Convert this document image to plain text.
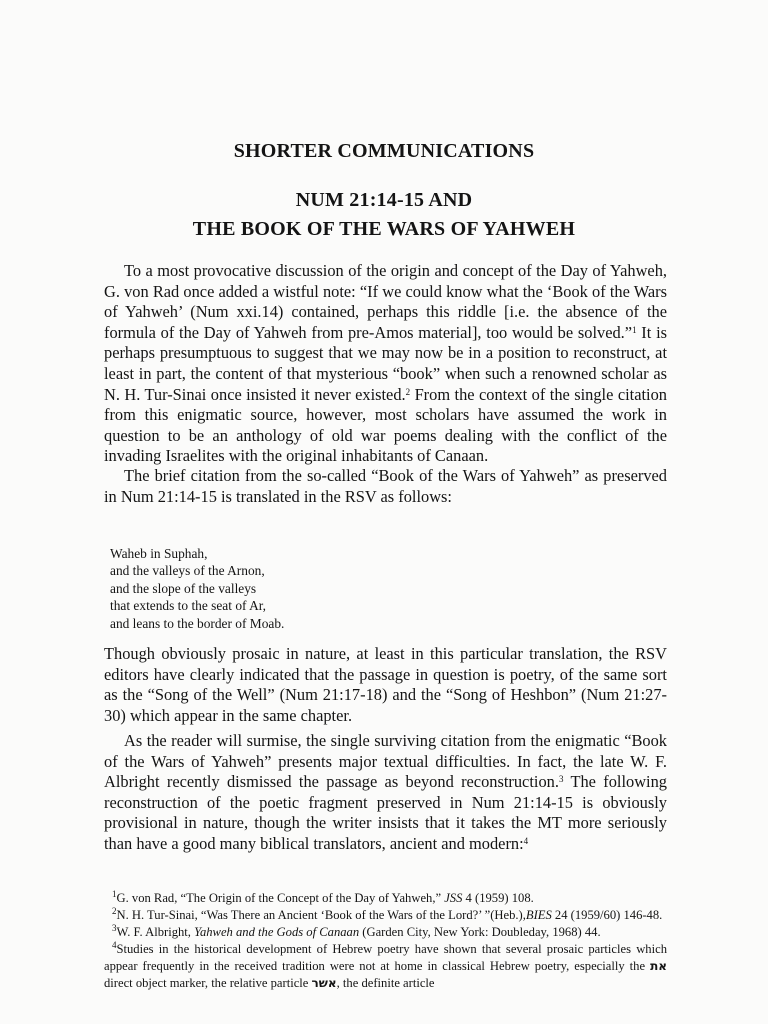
SHORTER COMMUNICATIONS
NUM 21:14-15 AND
THE BOOK OF THE WARS OF YAHWEH

To a most provocative discussion of the origin and concept of the Day of Yahweh, G. von Rad once added a wistful note: “If we could know what the ‘Book of the Wars of Yahweh’ (Num xxi.14) contained, perhaps this riddle [i.e. the absence of the formula of the Day of Yahweh from pre-Amos material], too would be solved.”$^1$ It is perhaps presumptuous to suggest that we may now be in a position to reconstruct, at least in part, the content of that mysterious “book” when such a renowned scholar as N. H. Tur-Sinai once insisted it never existed.$^2$ From the context of the single citation from this enigmatic source, however, most scholars have assumed the work in question to be an anthology of old war poems dealing with the conflict of the invading Israelites with the original inhabitants of Canaan.

The brief citation from the so-called “Book of the Wars of Yahweh” as preserved in Num 21:14-15 is translated in the RSV as follows:

Waheb in Suphah,
and the valleys of the Arnon,
and the slope of the valleys
that extends to the seat of Ar,
and leans to the border of Moab.

Though obviously prosaic in nature, at least in this particular translation, the RSV editors have clearly indicated that the passage in question is poetry, of the same sort as the “Song of the Well” (Num 21:17-18) and the “Song of Heshbon” (Num 21:27-30) which appear in the same chapter.

As the reader will surmise, the single surviving citation from the enigmatic “Book of the Wars of Yahweh” presents major textual difficulties. In fact, the late W. F. Albright recently dismissed the passage as beyond reconstruction.$^3$ The following reconstruction of the poetic fragment preserved in Num 21:14-15 is obviously provisional in nature, though the writer insists that it takes the MT more seriously than have a good many biblical translators, ancient and modern:$^4$

$^1$G. von Rad, “The Origin of the Concept of the Day of Yahweh,” JSS 4 (1959) 108.

$^2$N. H. Tur-Sinai, “Was There an Ancient ‘Book of the Wars of the Lord?’ ”(Heb.),BIES 24 (1959/60) 146-48.

$^3$W. F. Albright, Yahweh and the Gods of Canaan (Garden City, New York: Doubleday, 1968) 44.

$^4$Studies in the historical development of Hebrew poetry have shown that several prosaic particles which appear frequently in the received tradition were not at home in classical Hebrew poetry, especially the את direct object marker, the relative particle אשר, the definite article
